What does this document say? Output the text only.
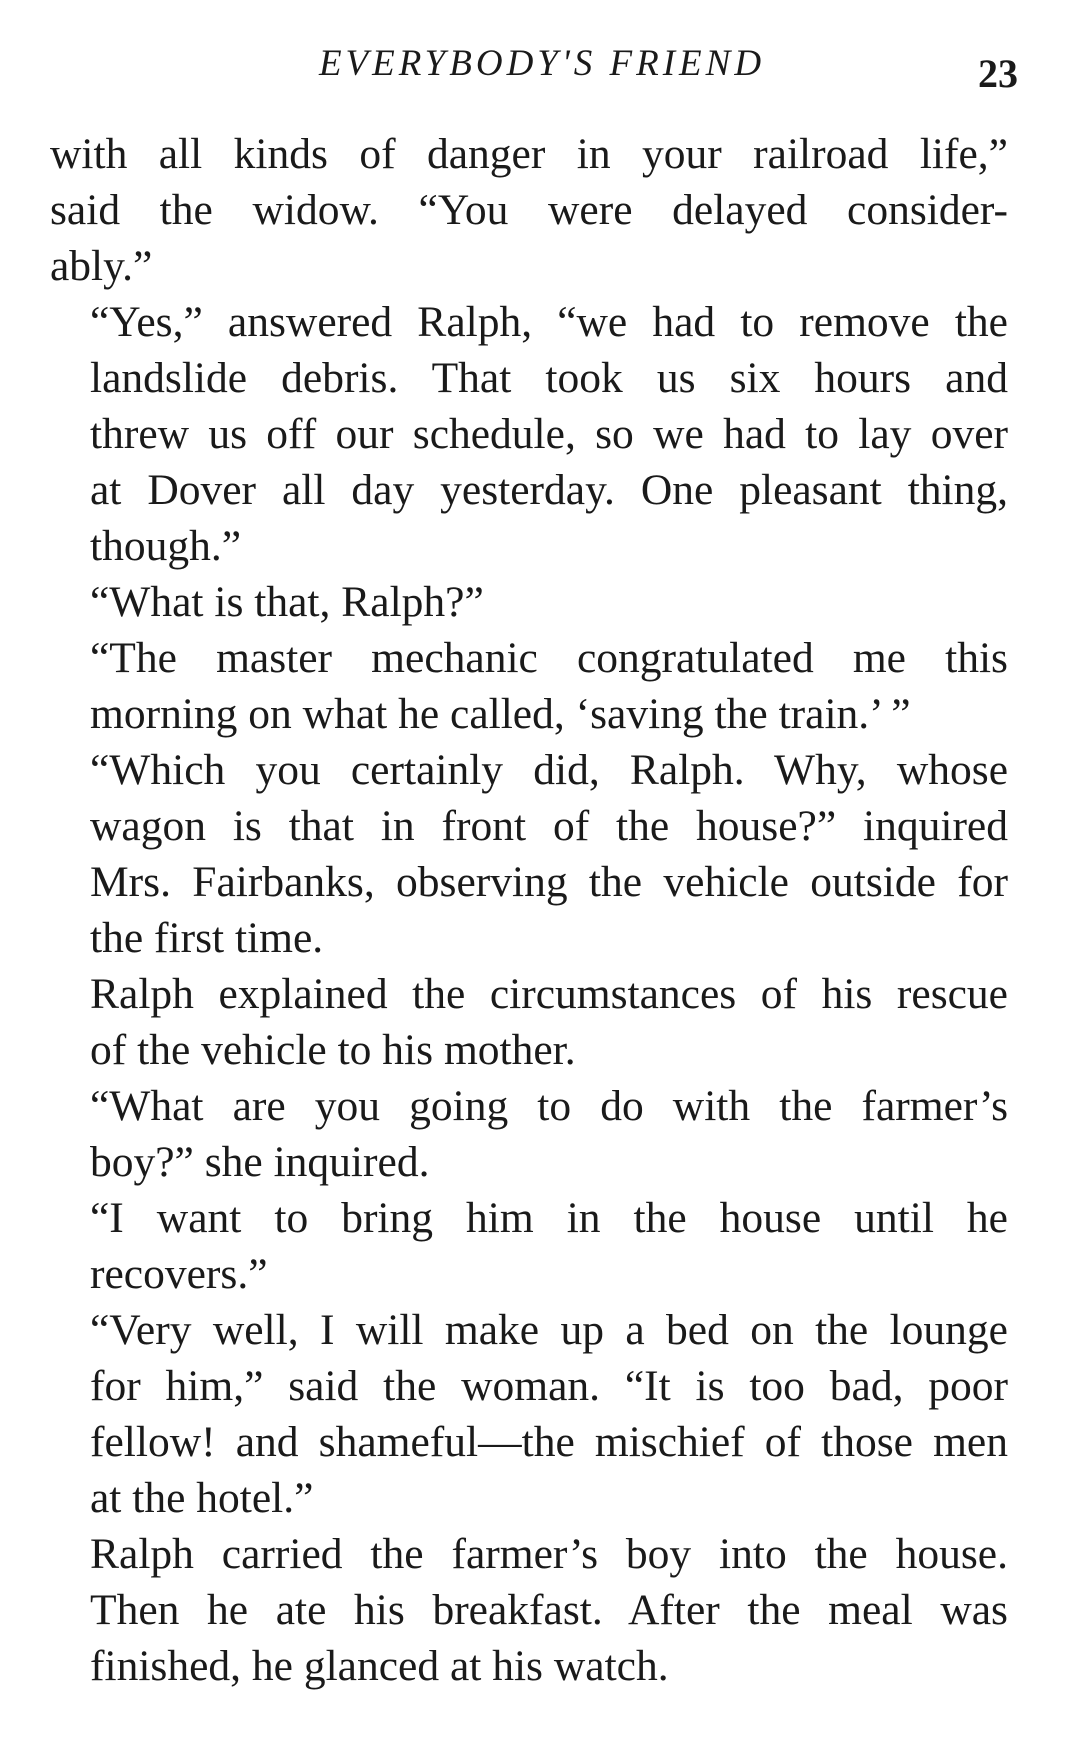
EVERYBODY'S FRIEND	23

with all kinds of danger in your railroad life,”
said the widow. “You were delayed consider-
ably.”

“Yes,” answered Ralph, “we had to remove the
landslide debris. That took us six hours and
threw us off our schedule, so we had to lay over
at Dover all day yesterday. One pleasant thing,
though.”

“What is that, Ralph?”

“The master mechanic congratulated me this
morning on what he called, ‘saving the train.’ ”

“Which you certainly did, Ralph. Why, whose
wagon is that in front of the house?” inquired
Mrs. Fairbanks, observing the vehicle outside for
the first time.

Ralph explained the circumstances of his rescue
of the vehicle to his mother.

“What are you going to do with the farmer’s
boy?” she inquired.

“I want to bring him in the house until he
recovers.”

“Very well, I will make up a bed on the lounge
for him,” said the woman. “It is too bad, poor
fellow! and shameful—the mischief of those men
at the hotel.”

Ralph carried the farmer’s boy into the house.
Then he ate his breakfast. After the meal was
finished, he glanced at his watch.
